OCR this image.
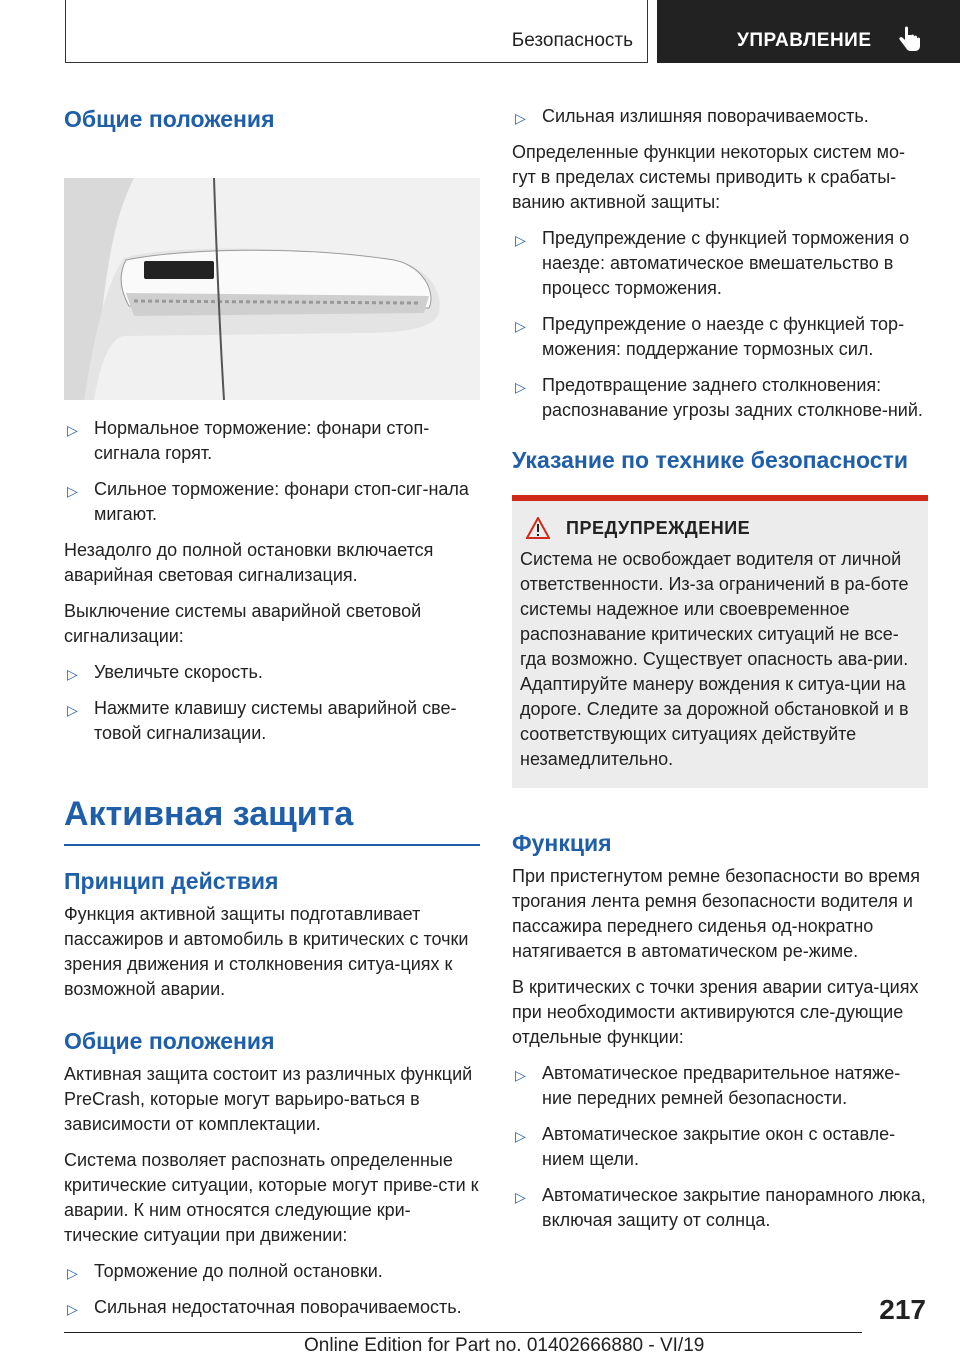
Безопасность	УПРАВЛЕНИЕ
Общие положения
▷ Нормальное торможение: фонари стоп-сигнала горят.
▷ Сильное торможение: фонари стоп-сиг-нала мигают.

Незадолго до полной остановки включается аварийная световая сигнализация.

Выключение системы аварийной световой сигнализации:

▷ Увеличьте скорость.
▷ Нажмите клавишу системы аварийной све-товой сигнализации.
Активная защита
Принцип действия

Функция активной защиты подготавливает пассажиров и автомобиль в критических с точки зрения движения и столкновения ситуа-циях к возможной аварии.

Общие положения

Активная защита состоит из различных функций PreCrash, которые могут варьиро-ваться в зависимости от комплектации.

Система позволяет распознать определенные критические ситуации, которые могут приве-сти к аварии. К ним относятся следующие кри-тические ситуации при движении:

▷ Торможение до полной остановки.
▷ Сильная недостаточная поворачиваемость.
▷ Сильная излишняя поворачиваемость.

Определенные функции некоторых систем мо-гут в пределах системы приводить к срабаты-ванию активной защиты:

▷ Предупреждение с функцией торможения о наезде: автоматическое вмешательство в процесс торможения.
▷ Предупреждение о наезде с функцией тор-можения: поддержание тормозных сил.
▷ Предотвращение заднего столкновения: распознавание угрозы задних столкнове-ний.
Указание по технике безопасности
ПРЕДУПРЕЖДЕНИЕ

Система не освобождает водителя от личной ответственности. Из-за ограничений в ра-боте системы надежное или своевременное распознавание критических ситуаций не все-гда возможно. Существует опасность ава-рии. Адаптируйте манеру вождения к ситуа-ции на дороге. Следите за дорожной обстановкой и в соответствующих ситуациях действуйте незамедлительно.

Функция

При пристегнутом ремне безопасности во время трогания лента ремня безопасности водителя и пассажира переднего сиденья од-нократно натягивается в автоматическом ре-жиме.

В критических с точки зрения аварии ситуа-циях при необходимости активируются сле-дующие отдельные функции:

▷ Автоматическое предварительное натяже-ние передних ремней безопасности.
▷ Автоматическое закрытие окон с оставле-нием щели.
▷ Автоматическое закрытие панорамного люка, включая защиту от солнца.
217
Online Edition for Part no. 01402666880 - VI/19
